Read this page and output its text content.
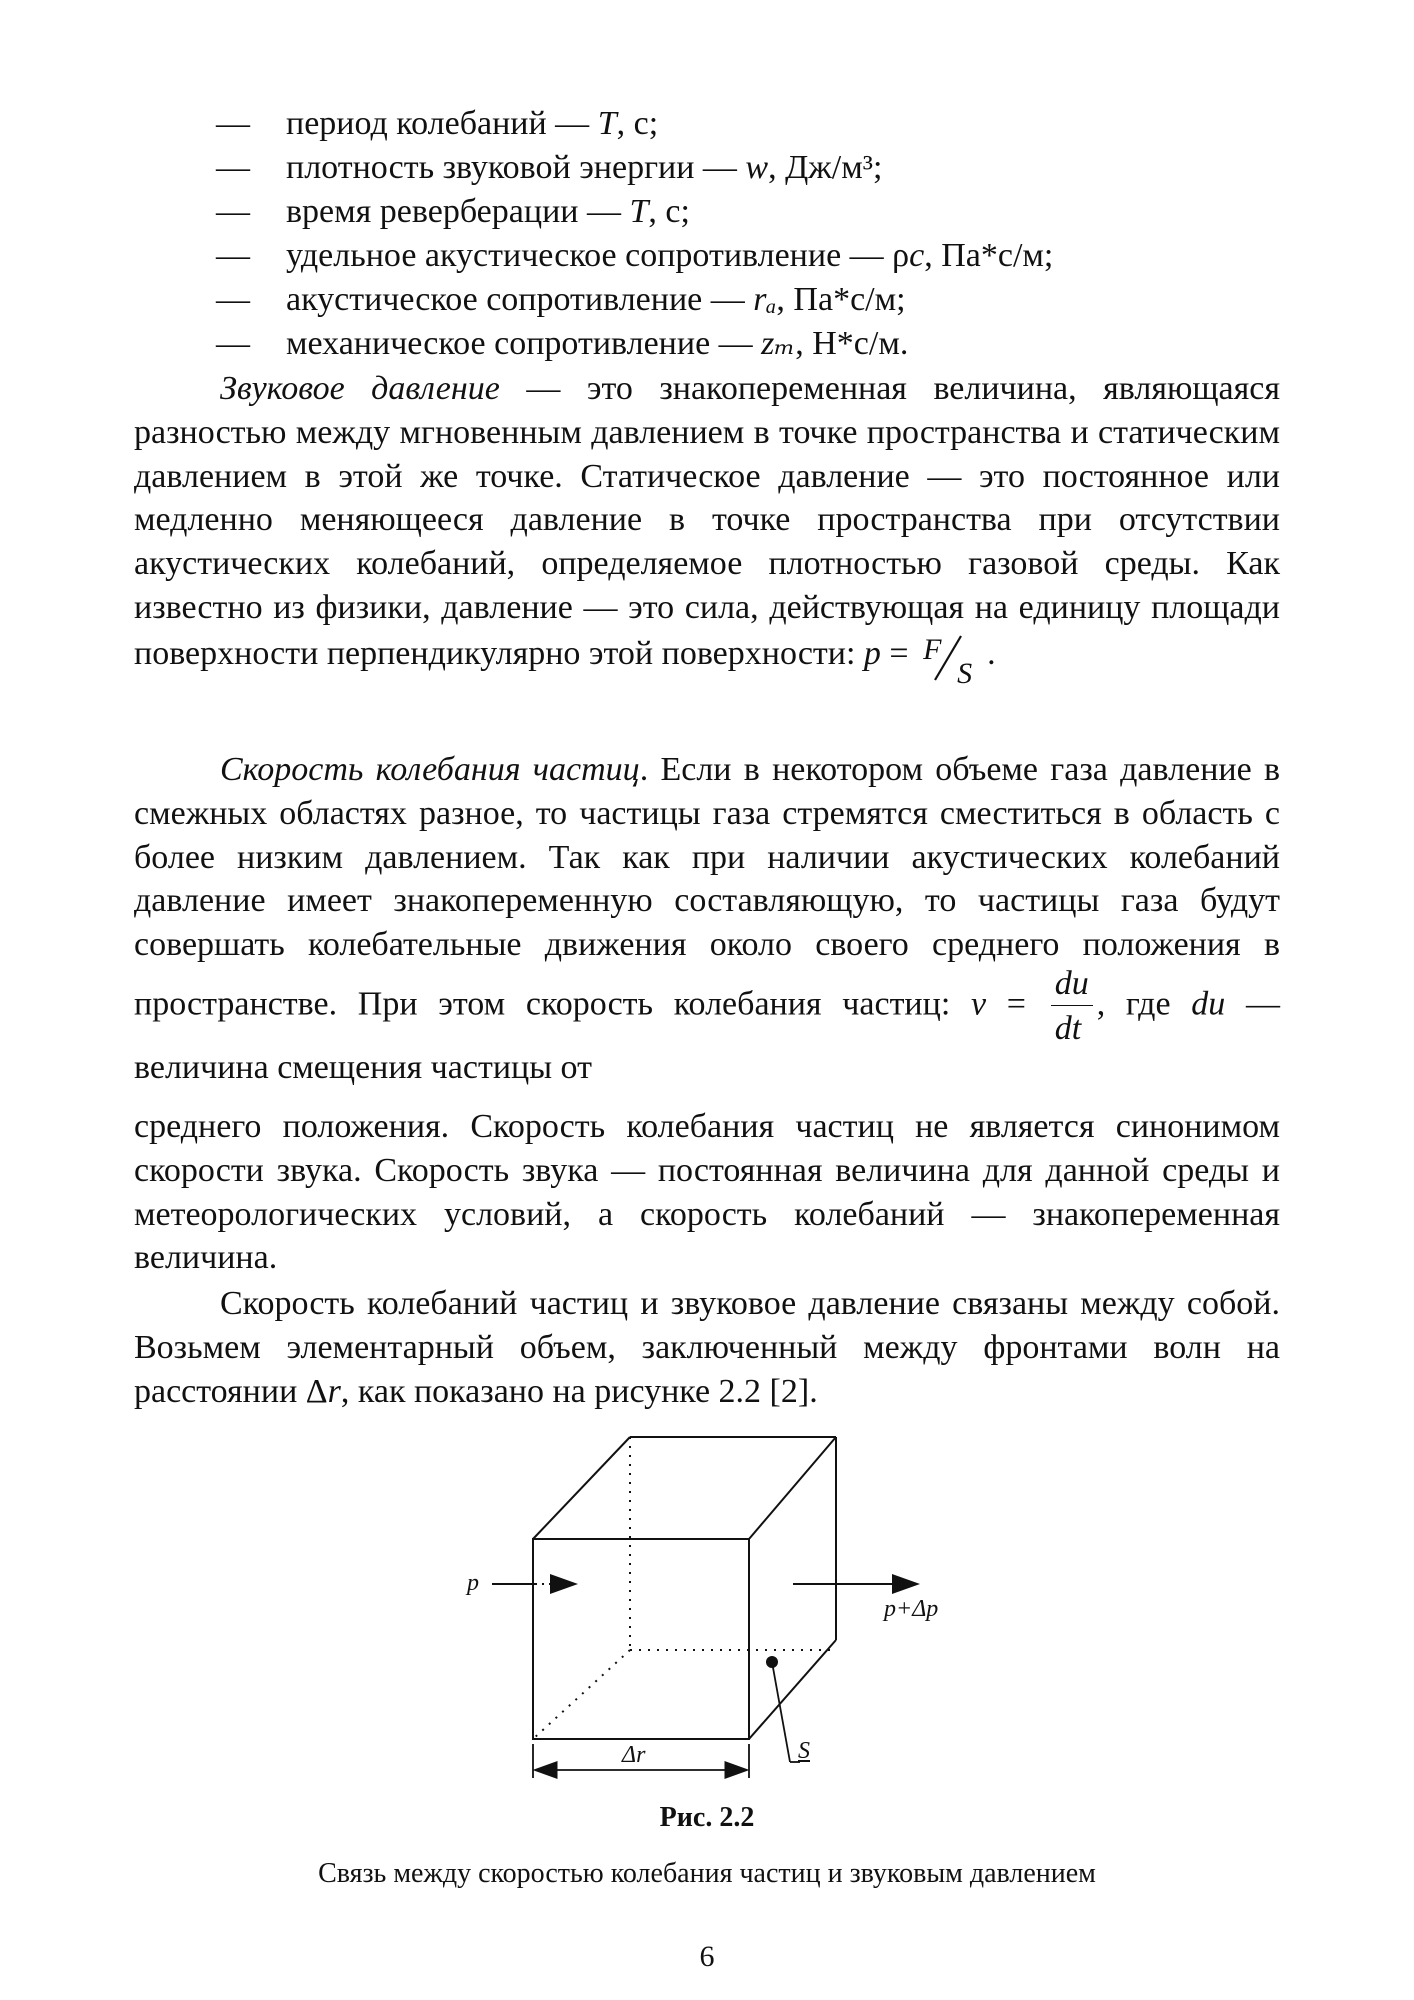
— период колебаний — T, с;
— плотность звуковой энергии — w, Дж/м³;
— время реверберации — T, с;
— удельное акустическое сопротивление — ρc, Па*с/м;
— акустическое сопротивление — rₐ, Па*с/м;
— механическое сопротивление — zₘ, Н*с/м.

Звуковое давление — это знакопеременная величина, являющаяся разностью между мгновенным давлением в точке пространства и статическим давлением в этой же точке. Статическое давление — это постоянное или медленно меняющееся давление в точке пространства при отсутствии акустических колебаний, определяемое плотностью газовой среды. Как известно из физики, давление — это сила, действующая на единицу площади поверхности перпендикулярно этой поверхности: p = F
S
.

Скорость колебания частиц. Если в некотором объеме газа давление в смежных областях разное, то частицы газа стремятся сместиться в область с более низким давлением. Так как при наличии акустических колебаний давление имеет знакопеременную составляющую, то частицы газа будут совершать колебательные движения около своего среднего положения в пространстве. При этом скорость колебания частиц: $v = \frac{du}{dt}$ , где du — величина смещения частицы от

среднего положения. Скорость колебания частиц не является синонимом скорости звука. Скорость звука — постоянная величина для данной среды и метеорологических условий, а скорость колебаний — знакопеременная величина.

Скорость колебаний частиц и звуковое давление связаны между собой. Возьмем элементарный объем, заключенный между фронтами волн на расстоянии Δr, как показано на рисунке 2.2 [2].

p
p+Δp
Δr	S
Рис. 2.2
Связь между скоростью колебания частиц и звуковым давлением
6
